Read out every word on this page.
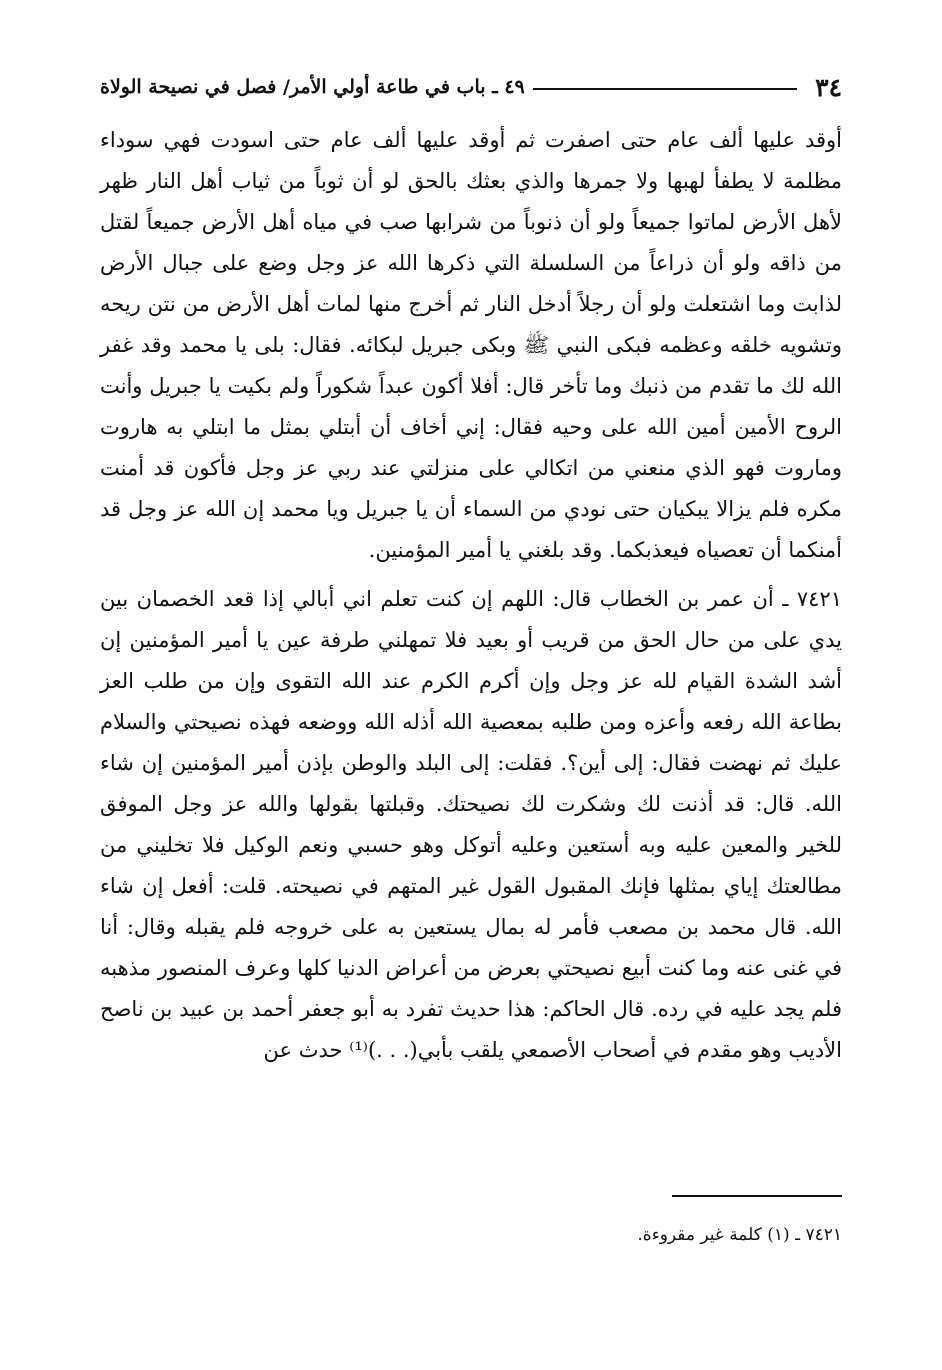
٣٤
٤٩ ـ باب في طاعة أولي الأمر/ فصل في نصيحة الولاة

أوقد عليها ألف عام حتى اصفرت ثم أوقد عليها ألف عام حتى اسودت فهي سوداء مظلمة لا يطفأ لهبها ولا جمرها والذي بعثك بالحق لو أن ثوباً من ثياب أهل النار ظهر لأهل الأرض لماتوا جميعاً ولو أن ذنوباً من شرابها صب في مياه أهل الأرض جميعاً لقتل من ذاقه ولو أن ذراعاً من السلسلة التي ذكرها الله عز وجل وضع على جبال الأرض لذابت وما اشتعلت ولو أن رجلاً أدخل النار ثم أخرج منها لمات أهل الأرض من نتن ريحه وتشويه خلقه وعظمه فبكى النبي ﷺ وبكى جبريل لبكائه. فقال: بلى يا محمد وقد غفر الله لك ما تقدم من ذنبك وما تأخر قال: أفلا أكون عبداً شكوراً ولم بكيت يا جبريل وأنت الروح الأمين أمين الله على وحيه فقال: إني أخاف أن أبتلي بمثل ما ابتلي به هاروت وماروت فهو الذي منعني من اتكالي على منزلتي عند ربي عز وجل فأكون قد أمنت مكره فلم يزالا يبكيان حتى نودي من السماء أن يا جبريل ويا محمد إن الله عز وجل قد أمنكما أن تعصياه فيعذبكما. وقد بلغني يا أمير المؤمنين.

٧٤٢١ ـ أن عمر بن الخطاب قال: اللهم إن كنت تعلم اني أبالي إذا قعد الخصمان بين يدي على من حال الحق من قريب أو بعيد فلا تمهلني طرفة عين يا أمير المؤمنين إن أشد الشدة القيام لله عز وجل وإن أكرم الكرم عند الله التقوى وإن من طلب العز بطاعة الله رفعه وأعزه ومن طلبه بمعصية الله أذله الله ووضعه فهذه نصيحتي والسلام عليك ثم نهضت فقال: إلى أين؟. فقلت: إلى البلد والوطن بإذن أمير المؤمنين إن شاء الله. قال: قد أذنت لك وشكرت لك نصيحتك. وقبلتها بقولها والله عز وجل الموفق للخير والمعين عليه وبه أستعين وعليه أتوكل وهو حسبي ونعم الوكيل فلا تخليني من مطالعتك إياي بمثلها فإنك المقبول القول غير المتهم في نصيحته. قلت: أفعل إن شاء الله. قال محمد بن مصعب فأمر له بمال يستعين به على خروجه فلم يقبله وقال: أنا في غنى عنه وما كنت أبيع نصيحتي بعرض من أعراض الدنيا كلها وعرف المنصور مذهبه فلم يجد عليه في رده. قال الحاكم: هذا حديث تفرد به أبو جعفر أحمد بن عبيد بن ناصح الأديب وهو مقدم في أصحاب الأصمعي يلقب بأبي(. . .)⁽¹⁾ حدث عن

٧٤٢١ ـ (١) كلمة غير مقروءة.
